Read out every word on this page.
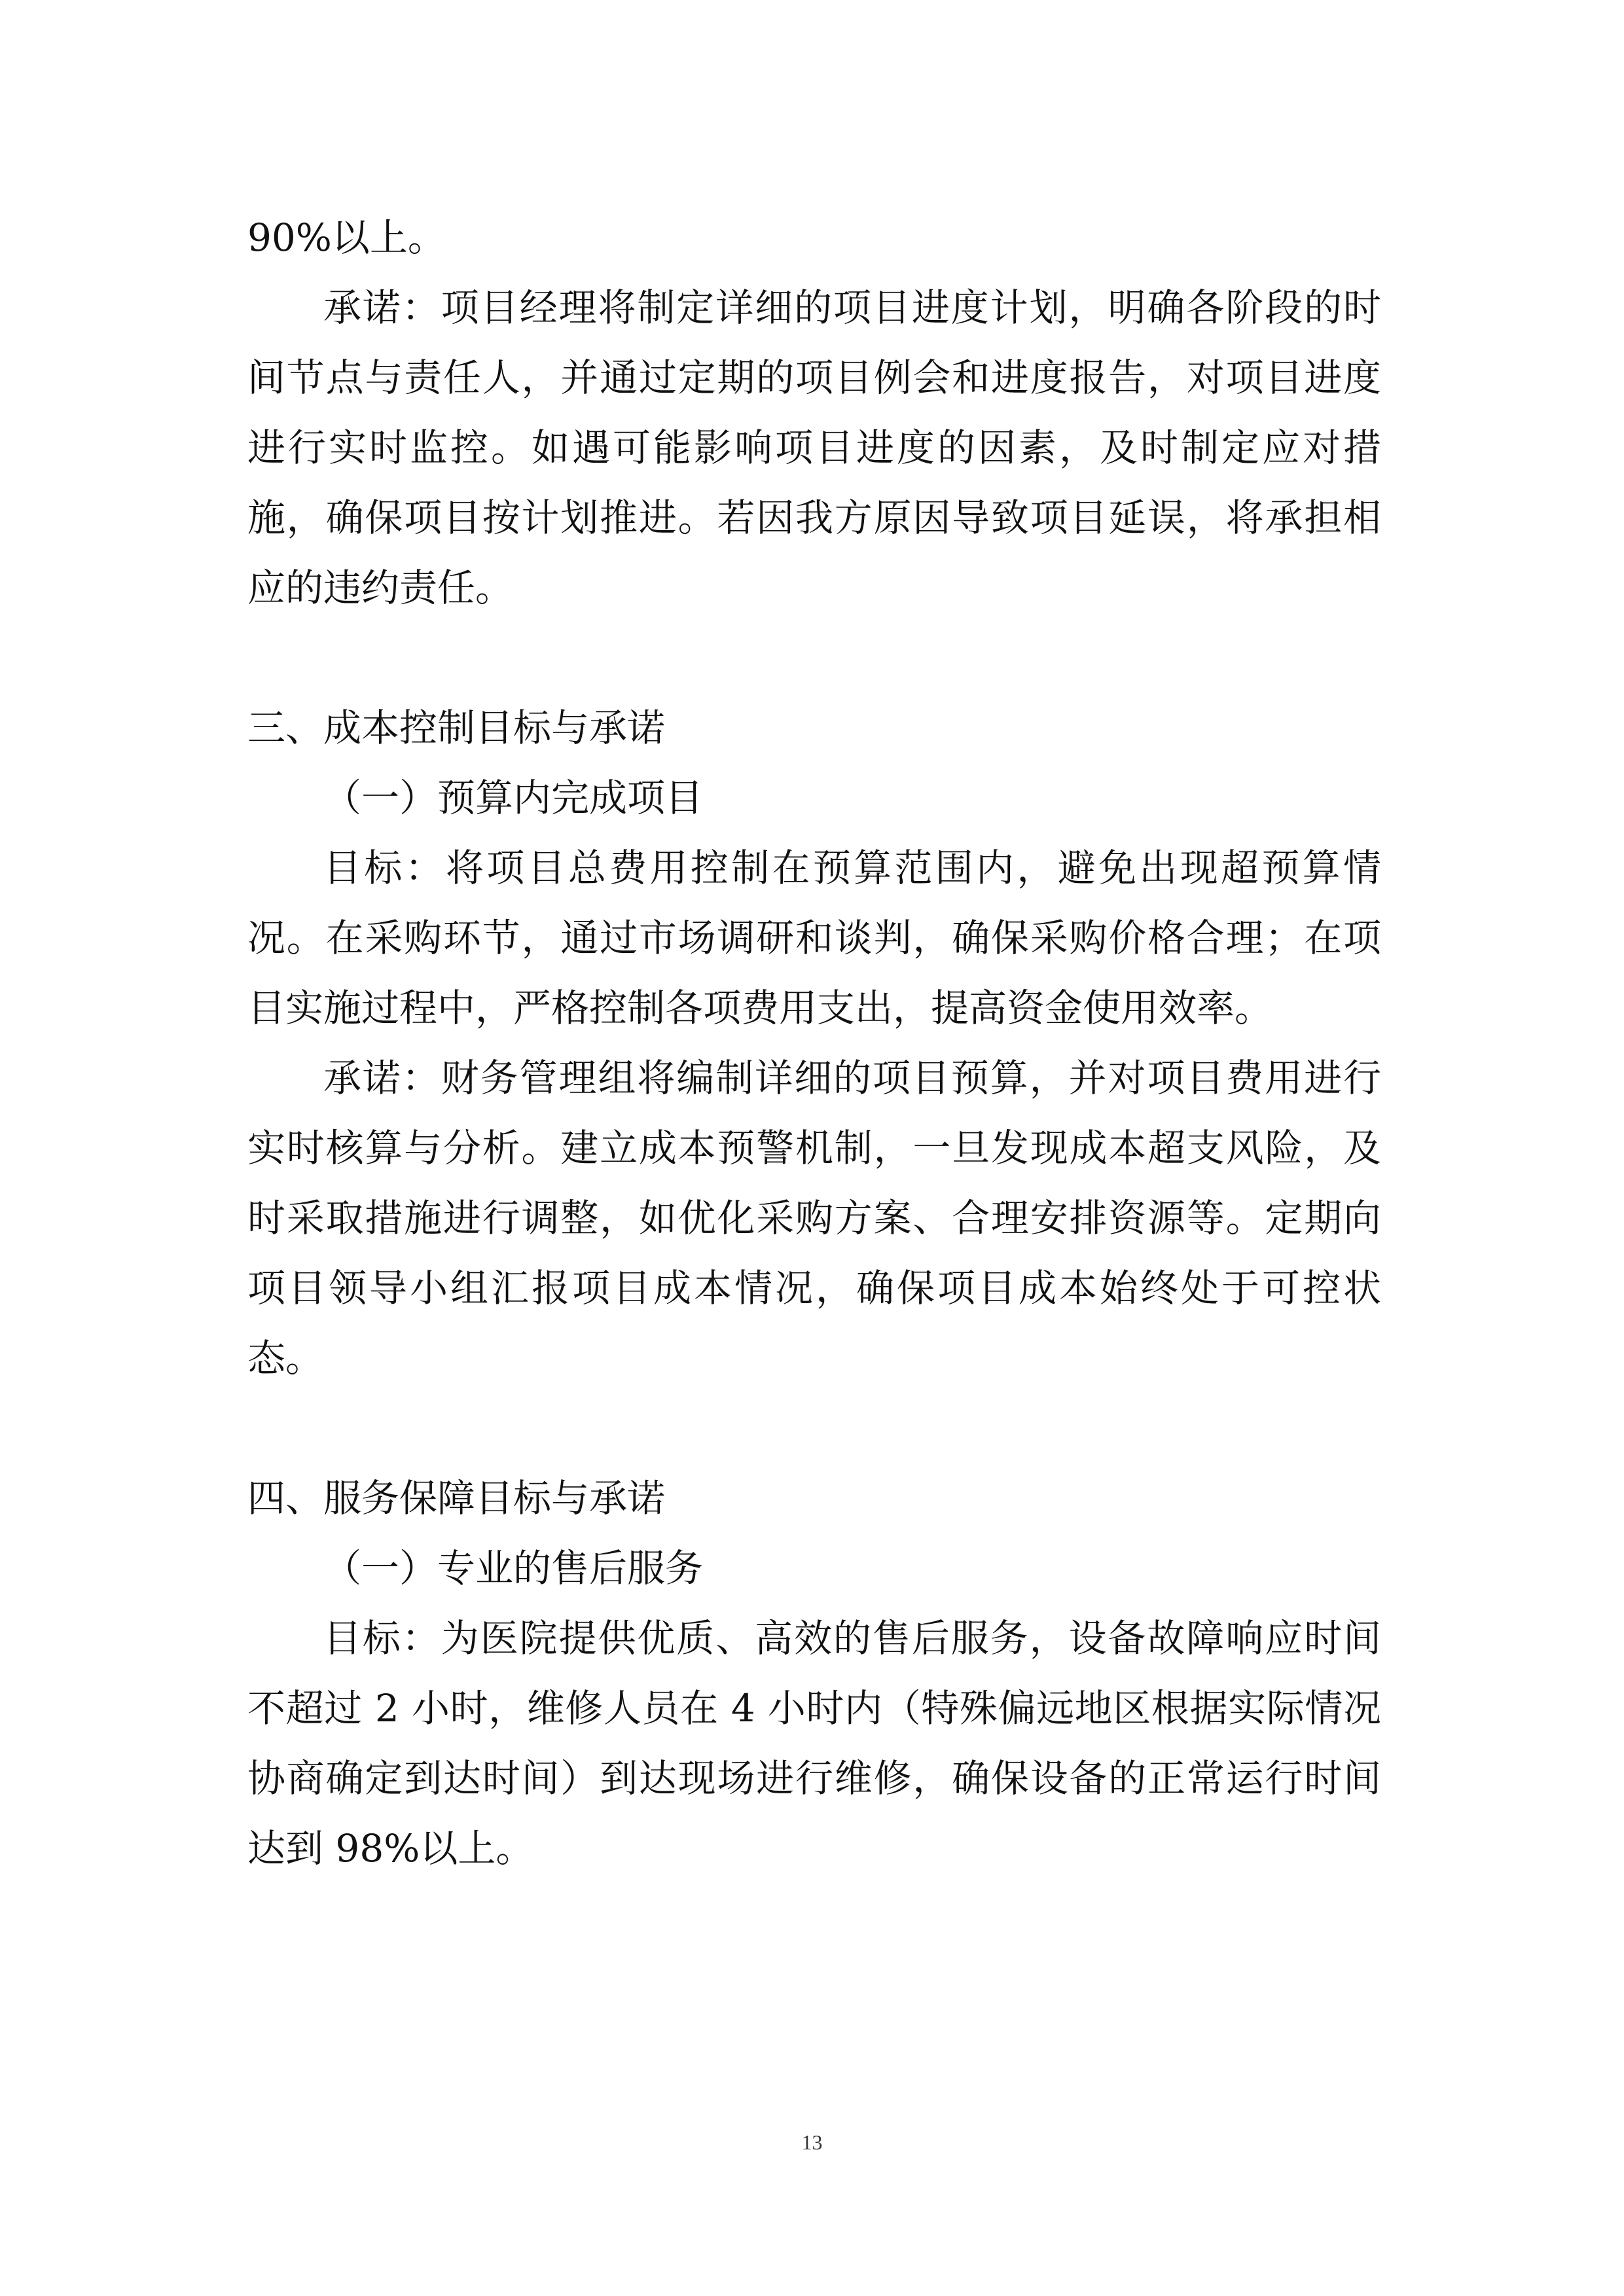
90%以上。

承诺：项目经理将制定详细的项目进度计划，明确各阶段的时间节点与责任人，并通过定期的项目例会和进度报告，对项目进度进行实时监控。如遇可能影响项目进度的因素，及时制定应对措施，确保项目按计划推进。若因我方原因导致项目延误，将承担相应的违约责任。

三、成本控制目标与承诺

（一）预算内完成项目

目标：将项目总费用控制在预算范围内，避免出现超预算情况。在采购环节，通过市场调研和谈判，确保采购价格合理；在项目实施过程中，严格控制各项费用支出，提高资金使用效率。

承诺：财务管理组将编制详细的项目预算，并对项目费用进行实时核算与分析。建立成本预警机制，一旦发现成本超支风险，及时采取措施进行调整，如优化采购方案、合理安排资源等。定期向项目领导小组汇报项目成本情况，确保项目成本始终处于可控状态。

四、服务保障目标与承诺

（一）专业的售后服务

目标：为医院提供优质、高效的售后服务，设备故障响应时间不超过 2 小时，维修人员在 4 小时内（特殊偏远地区根据实际情况协商确定到达时间）到达现场进行维修，确保设备的正常运行时间达到 98%以上。

13
